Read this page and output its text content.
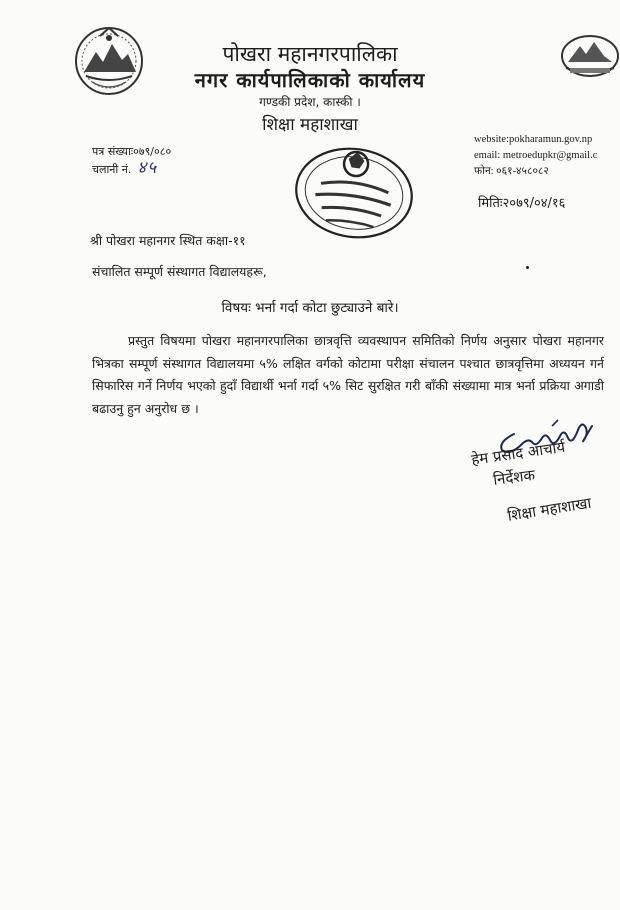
पोखरा महानगरपालिका
नगर कार्यपालिकाको कार्यालय
गण्डकी प्रदेश, कास्की ।
शिक्षा महाशाखा
website:pokharamun.gov.np
email: metroedupkr@gmail.c
फोन: ०६१-४५८०८२
पत्र संख्याः०७९/०८०
चलानी नं. ४५
मितिः२०७९/०४/१६
श्री पोखरा महानगर स्थित कक्षा-११
संचालित सम्पूर्ण संस्थागत विद्यालयहरू,
विषयः भर्ना गर्दा कोटा छुट्याउने बारे।
प्रस्तुत विषयमा पोखरा महानगरपालिका छात्रवृत्ति व्यवस्थापन समितिको निर्णय अनुसार पोखरा महानगर भित्रका सम्पूर्ण संस्थागत विद्यालयमा ५% लक्षित वर्गको कोटामा परीक्षा संचालन पश्चात छात्रवृत्तिमा अध्ययन गर्न सिफारिस गर्ने निर्णय भएको हुदाँ विद्यार्थी भर्ना गर्दा ५% सिट सुरक्षित गरी बाँकी संख्यामा मात्र भर्ना प्रक्रिया अगाडी बढाउनु हुन अनुरोध छ ।
हेम प्रसाद आचार्य
निर्देशक
शिक्षा महाशाखा
